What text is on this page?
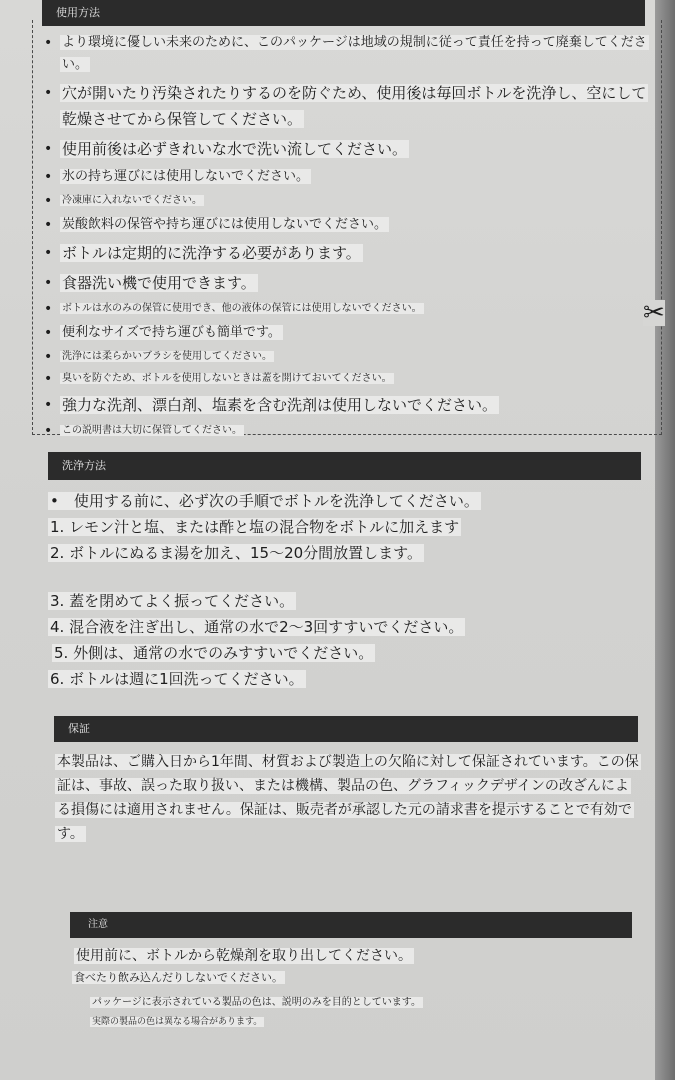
使用方法
✂
• より環境に優しい未来のために、このパッケージは地域の規制に従って責任を持って廃棄してください。
• 穴が開いたり汚染されたりするのを防ぐため、使用後は毎回ボトルを洗浄し、空にして乾燥させてから保管してください。
• 使用前後は必ずきれいな水で洗い流してください。
• 氷の持ち運びには使用しないでください。
• 冷凍庫に入れないでください。
• 炭酸飲料の保管や持ち運びには使用しないでください。
• ボトルは定期的に洗浄する必要があります。
• 食器洗い機で使用できます。
• ボトルは水のみの保管に使用でき、他の液体の保管には使用しないでください。
• 便利なサイズで持ち運びも簡単です。
• 洗浄には柔らかいブラシを使用してください。
• 臭いを防ぐため、ボトルを使用しないときは蓋を開けておいてください。
• 強力な洗剤、漂白剤、塩素を含む洗剤は使用しないでください。
• この説明書は大切に保管してください。
洗浄方法
•　使用する前に、必ず次の手順でボトルを洗浄してください。
1. レモン汁と塩、または酢と塩の混合物をボトルに加えます
2. ボトルにぬるま湯を加え、15〜20分間放置します。
3. 蓋を閉めてよく振ってください。
4. 混合液を注ぎ出し、通常の水で2〜3回すすいでください。
5. 外側は、通常の水でのみすすいでください。
6. ボトルは週に1回洗ってください。
保証
本製品は、ご購入日から1年間、材質および製造上の欠陥に対して保証されています。この保証は、事故、誤った取り扱い、または機構、製品の色、グラフィックデザインの改ざんによる損傷には適用されません。保証は、販売者が承認した元の請求書を提示することで有効です。
注意
使用前に、ボトルから乾燥剤を取り出してください。
食べたり飲み込んだりしないでください。
パッケージに表示されている製品の色は、説明のみを目的としています。
実際の製品の色は異なる場合があります。
